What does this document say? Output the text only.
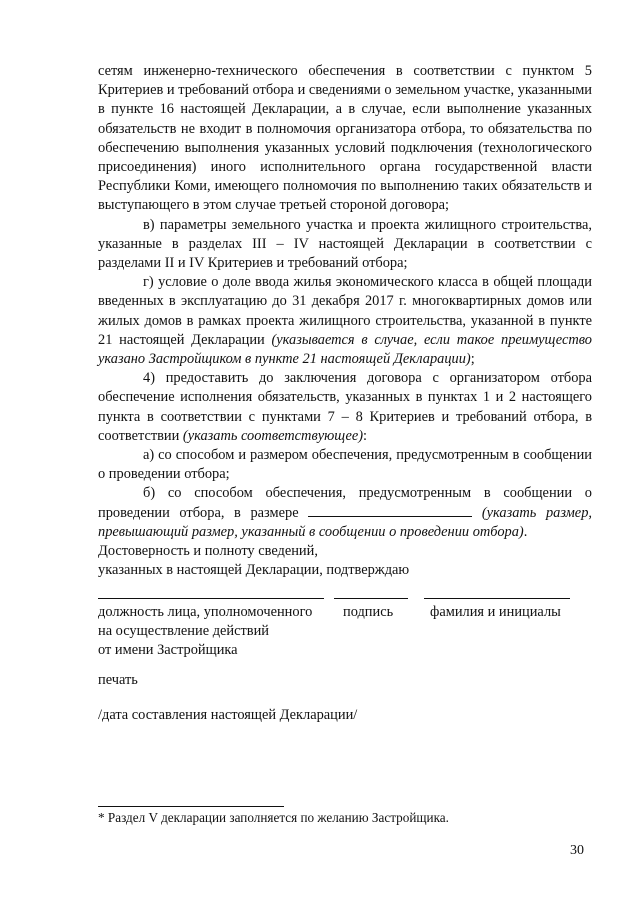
сетям инженерно-технического обеспечения в соответствии с пунктом 5 Критериев и требований отбора и сведениями о земельном участке, указанными в пункте 16 настоящей Декларации, а в случае, если выполнение указанных обязательств не входит в полномочия организатора отбора, то обязательства по обеспечению выполнения указанных условий подключения (технологического присоединения) иного исполнительного органа государственной власти Республики Коми, имеющего полномочия по выполнению таких обязательств и выступающего в этом случае третьей стороной договора;

в) параметры земельного участка и проекта жилищного строительства, указанные в разделах III – IV настоящей Декларации в соответствии с разделами II и IV Критериев и требований отбора;

г) условие о доле ввода жилья экономического класса в общей площади введенных в эксплуатацию до 31 декабря 2017 г. многоквартирных домов или жилых домов в рамках проекта жилищного строительства, указанной в пункте 21 настоящей Декларации (указывается в случае, если такое преимущество указано Застройщиком в пункте 21 настоящей Декларации);

4) предоставить до заключения договора с организатором отбора обеспечение исполнения обязательств, указанных в пунктах 1 и 2 настоящего пункта в соответствии с пунктами 7 – 8 Критериев и требований отбора, в соответствии (указать соответствующее):

а) со способом и размером обеспечения, предусмотренным в сообщении о проведении отбора;

б) со способом обеспечения, предусмотренным в сообщении о проведении отбора, в размере	(указать размер, превышающий размер, указанный в сообщении о проведении отбора).

Достоверность и полноту сведений,

указанных в настоящей Декларации, подтверждаю

должность лица, уполномоченного
на осуществление действий
от имени Застройщика
подпись	фамилия и инициалы
печать
/дата составления настоящей Декларации/
* Раздел V декларации заполняется по желанию Застройщика.
30
